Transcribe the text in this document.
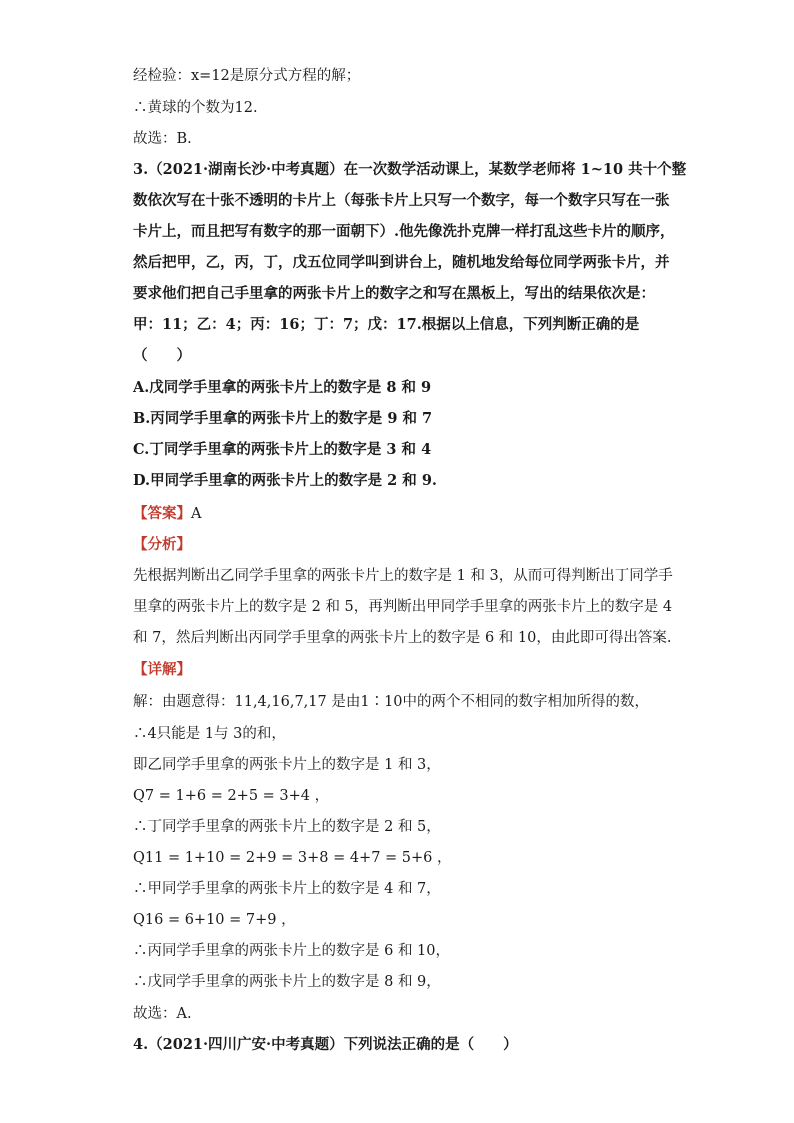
经检验：x=12是原分式方程的解；
∴黄球的个数为12.
故选：B.
3.（2021·湖南长沙·中考真题）在一次数学活动课上，某数学老师将 1~10 共十个整
数依次写在十张不透明的卡片上（每张卡片上只写一个数字，每一个数字只写在一张
卡片上，而且把写有数字的那一面朝下）.他先像洗扑克牌一样打乱这些卡片的顺序，
然后把甲，乙，丙，丁，戊五位同学叫到讲台上，随机地发给每位同学两张卡片，并
要求他们把自己手里拿的两张卡片上的数字之和写在黑板上，写出的结果依次是：
甲：11；乙：4；丙：16；丁：7；戊：17.根据以上信息，下列判断正确的是
（　　）
A.戊同学手里拿的两张卡片上的数字是 8 和 9
B.丙同学手里拿的两张卡片上的数字是 9 和 7
C.丁同学手里拿的两张卡片上的数字是 3 和 4
D.甲同学手里拿的两张卡片上的数字是 2 和 9.
【答案】A
【分析】
先根据判断出乙同学手里拿的两张卡片上的数字是 1 和 3，从而可得判断出丁同学手
里拿的两张卡片上的数字是 2 和 5，再判断出甲同学手里拿的两张卡片上的数字是 4
和 7，然后判断出丙同学手里拿的两张卡片上的数字是 6 和 10，由此即可得出答案.
【详解】
解：由题意得：11,4,16,7,17 是由1∶10中的两个不相同的数字相加所得的数，
∴4只能是 1与 3的和，
即乙同学手里拿的两张卡片上的数字是 1 和 3，
Q7 = 1+6 = 2+5 = 3+4 ，
∴丁同学手里拿的两张卡片上的数字是 2 和 5，
Q11 = 1+10 = 2+9 = 3+8 = 4+7 = 5+6 ，
∴甲同学手里拿的两张卡片上的数字是 4 和 7，
Q16 = 6+10 = 7+9 ，
∴丙同学手里拿的两张卡片上的数字是 6 和 10，
∴戊同学手里拿的两张卡片上的数字是 8 和 9，
故选：A.
4.（2021·四川广安·中考真题）下列说法正确的是（　　）
